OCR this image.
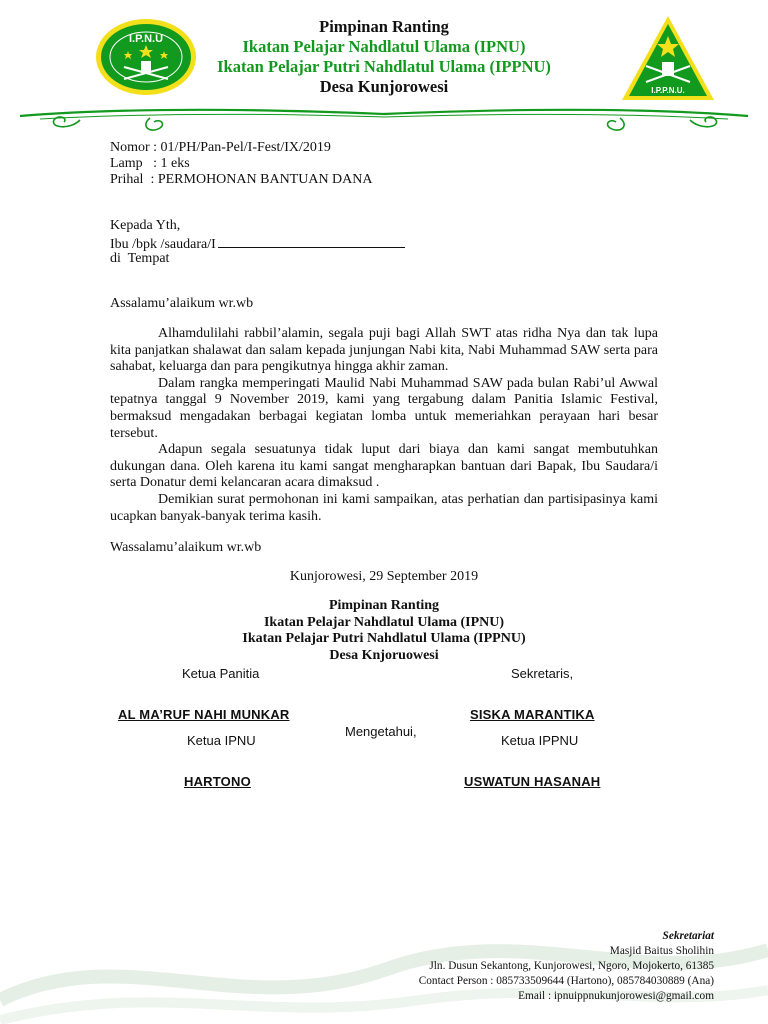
I.P.N.U
Pimpinan Ranting
Ikatan Pelajar Nahdlatul Ulama (IPNU)
Ikatan Pelajar Putri Nahdlatul Ulama (IPPNU)
Desa Kunjorowesi	I.P.P.N.U.
Nomor : 01/PH/Pan-Pel/I-Fest/IX/2019
Lamp   : 1 eks
Prihal  : PERMOHONAN BANTUAN DANA
Kepada Yth,
Ibu /bpk /saudara/I
di  Tempat
Assalamu’alaikum wr.wb

Alhamdulilahi rabbil’alamin, segala puji bagi Allah SWT atas ridha Nya dan tak lupa kita panjatkan shalawat dan salam kepada junjungan Nabi kita, Nabi Muhammad SAW serta para sahabat, keluarga dan para pengikutnya hingga akhir zaman.

Dalam rangka memperingati Maulid Nabi Muhammad SAW pada bulan Rabi’ul Awwal tepatnya tanggal 9 November 2019, kami yang tergabung dalam Panitia Islamic Festival, bermaksud mengadakan berbagai kegiatan lomba untuk memeriahkan perayaan hari besar tersebut.

Adapun segala sesuatunya tidak luput dari biaya dan kami sangat membutuhkan dukungan dana. Oleh karena itu kami sangat mengharapkan bantuan dari Bapak, Ibu Saudara/i serta Donatur demi kelancaran acara dimaksud .

Demikian surat permohonan ini kami sampaikan, atas perhatian dan partisipasinya kami ucapkan banyak-banyak terima kasih.

Wassalamu’alaikum wr.wb
Kunjorowesi, 29 September 2019
Pimpinan Ranting
Ikatan Pelajar Nahdlatul Ulama (IPNU)
Ikatan Pelajar Putri Nahdlatul Ulama (IPPNU)
Desa Knjoruowesi
Ketua Panitia	Sekretaris,
AL MA’RUF NAHI MUNKAR	SISKA MARANTIKA
Mengetahui,
Ketua IPNU	Ketua IPPNU
HARTONO	USWATUN HASANAH
Sekretariat
Masjid Baitus Sholihin
Jln. Dusun Sekantong, Kunjorowesi, Ngoro, Mojokerto, 61385
Contact Person : 085733509644 (Hartono), 085784030889 (Ana)
Email : ipnuippnukunjorowesi@gmail.com
